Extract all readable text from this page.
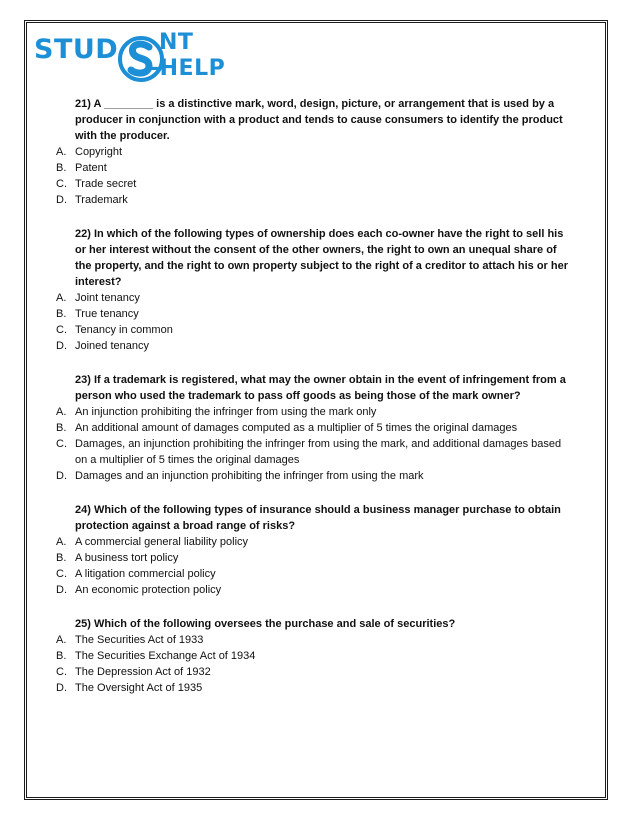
STUD NT
-HELP
21) A ________ is a distinctive mark, word, design, picture, or arrangement that is used by a producer in conjunction with a product and tends to cause consumers to identify the product with the producer.
A. Copyright
B. Patent
C. Trade secret
D. Trademark
22) In which of the following types of ownership does each co-owner have the right to sell his or her interest without the consent of the other owners, the right to own an unequal share of the property, and the right to own property subject to the right of a creditor to attach his or her interest?
A. Joint tenancy
B. True tenancy
C. Tenancy in common
D. Joined tenancy
23) If a trademark is registered, what may the owner obtain in the event of infringement from a person who used the trademark to pass off goods as being those of the mark owner?
A. An injunction prohibiting the infringer from using the mark only
B. An additional amount of damages computed as a multiplier of 5 times the original damages
C. Damages, an injunction prohibiting the infringer from using the mark, and additional damages based on a multiplier of 5 times the original damages
D. Damages and an injunction prohibiting the infringer from using the mark
24) Which of the following types of insurance should a business manager purchase to obtain protection against a broad range of risks?
A. A commercial general liability policy
B. A business tort policy
C. A litigation commercial policy
D. An economic protection policy
25) Which of the following oversees the purchase and sale of securities?
A. The Securities Act of 1933
B. The Securities Exchange Act of 1934
C. The Depression Act of 1932
D. The Oversight Act of 1935
